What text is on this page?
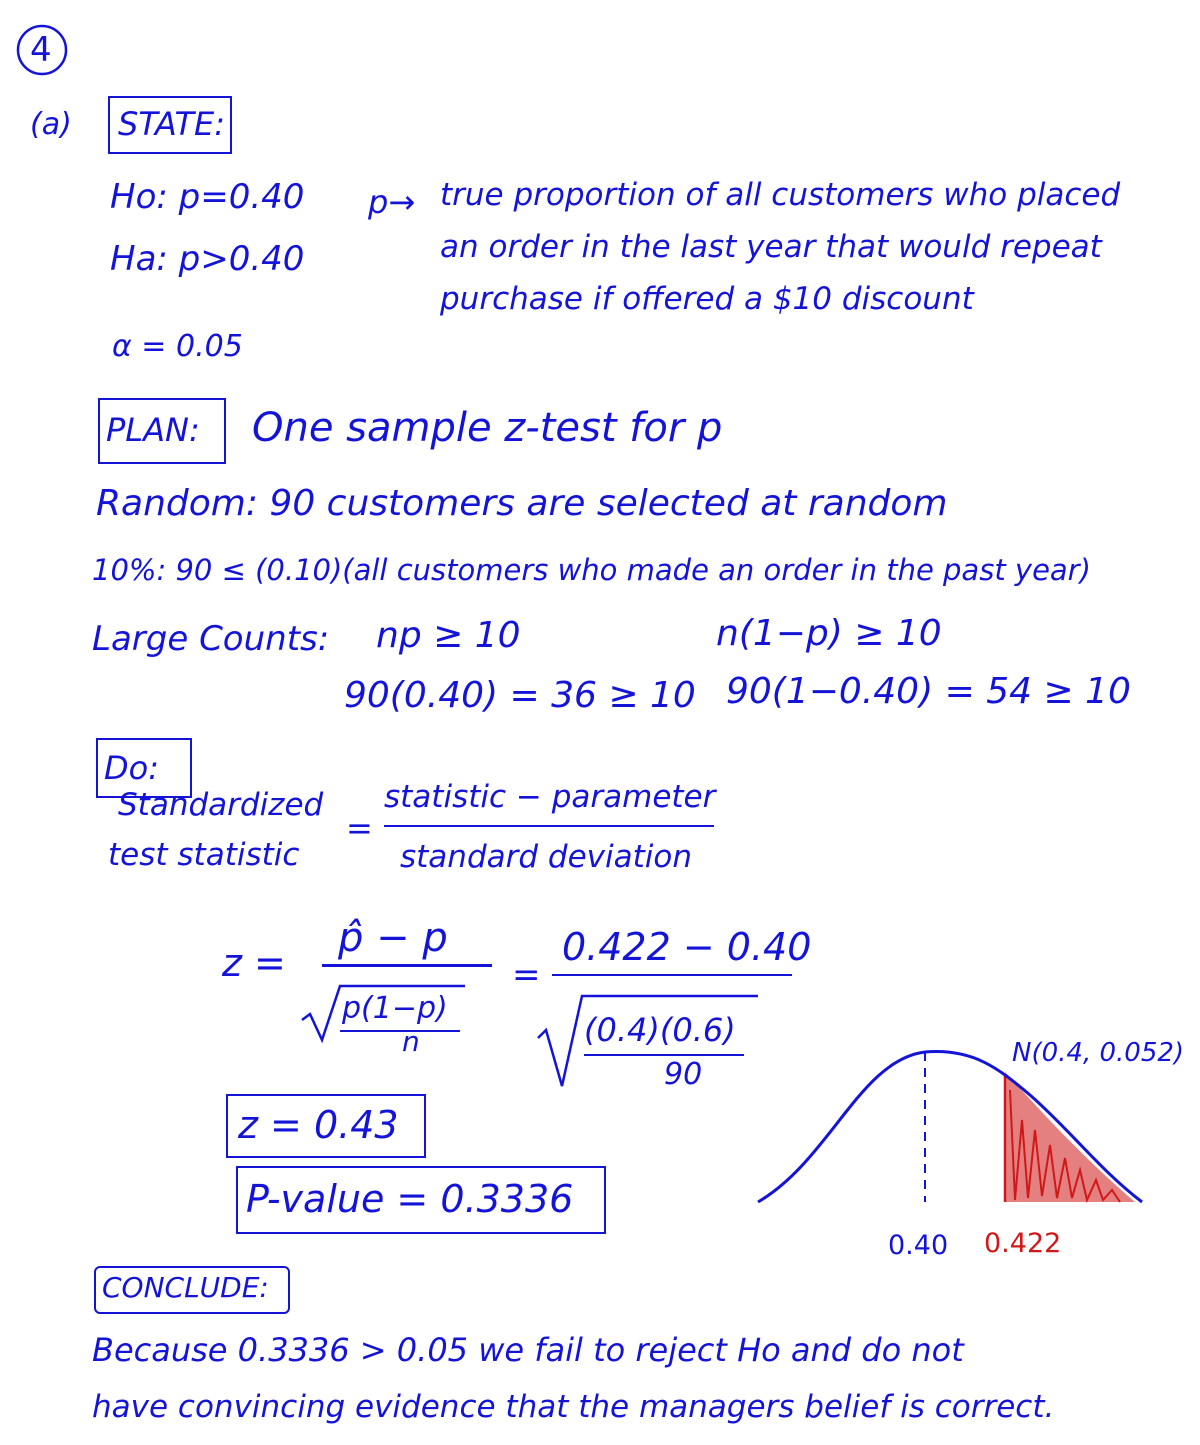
4
(a) STATE:
Ho: p=0.40
Ha: p>0.40
α = 0.05
p→ true proportion of all customers who placed
an order in the last year that would repeat
purchase if offered a $10 discount
PLAN: One sample z-test for p
Random: 90 customers are selected at random
10%: 90 ≤ (0.10)(all customers who made an order in the past year)
Large Counts: np ≥ 10	n(1−p) ≥ 10
90(0.40) = 36 ≥ 10 90(1−0.40) = 54 ≥ 10
Do:
Standardized
test statistic
=
statistic − parameter
standard deviation
z =
p̂ − p
p(1−p)
n
=
0.422 − 0.40
(0.4)(0.6)
90
z = 0.43
P-value = 0.3336
N(0.4, 0.052)
0.40 0.422
CONCLUDE:
Because 0.3336 > 0.05 we fail to reject Ho and do not
have convincing evidence that the managers belief is correct.
